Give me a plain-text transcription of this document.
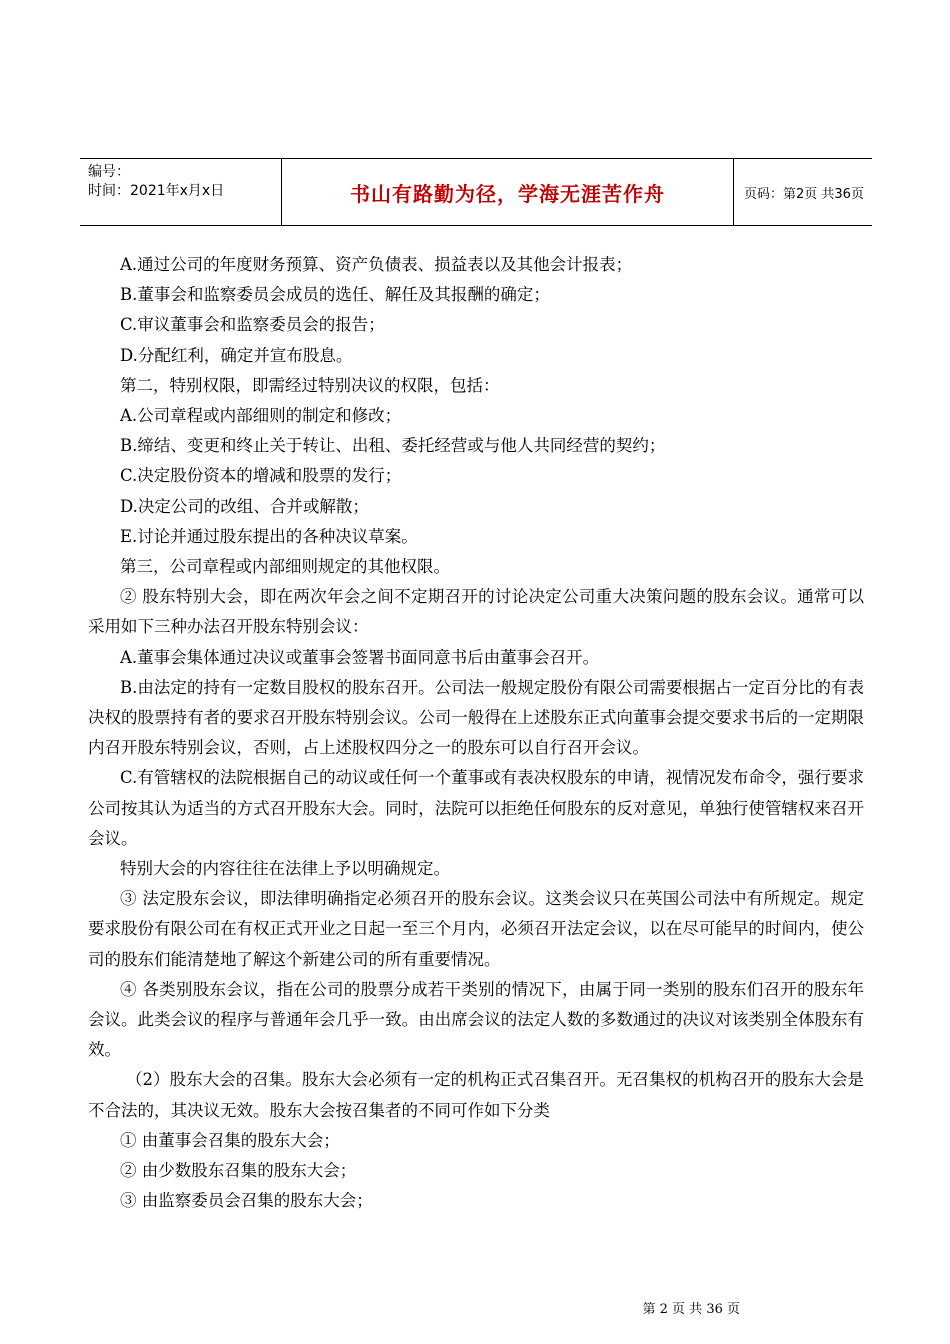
编号：
时间：2021年x月x日	书山有路勤为径，学海无涯苦作舟	页码：第2页 共36页

A.通过公司的年度财务预算、资产负债表、损益表以及其他会计报表；

B.董事会和监察委员会成员的选任、解任及其报酬的确定；

C.审议董事会和监察委员会的报告；

D.分配红利，确定并宣布股息。

第二，特别权限，即需经过特别决议的权限，包括：

A.公司章程或内部细则的制定和修改；

B.缔结、变更和终止关于转让、出租、委托经营或与他人共同经营的契约；

C.决定股份资本的增减和股票的发行；

D.决定公司的改组、合并或解散；

E.讨论并通过股东提出的各种决议草案。

第三，公司章程或内部细则规定的其他权限。

② 股东特别大会，即在两次年会之间不定期召开的讨论决定公司重大决策问题的股东会议。通常可以采用如下三种办法召开股东特别会议：

A.董事会集体通过决议或董事会签署书面同意书后由董事会召开。

B.由法定的持有一定数目股权的股东召开。公司法一般规定股份有限公司需要根据占一定百分比的有表决权的股票持有者的要求召开股东特别会议。公司一般得在上述股东正式向董事会提交要求书后的一定期限内召开股东特别会议，否则，占上述股权四分之一的股东可以自行召开会议。

C.有管辖权的法院根据自己的动议或任何一个董事或有表决权股东的申请，视情况发布命令，强行要求公司按其认为适当的方式召开股东大会。同时，法院可以拒绝任何股东的反对意见，单独行使管辖权来召开会议。

特别大会的内容往往在法律上予以明确规定。

③ 法定股东会议，即法律明确指定必须召开的股东会议。这类会议只在英国公司法中有所规定。规定要求股份有限公司在有权正式开业之日起一至三个月内，必须召开法定会议，以在尽可能早的时间内，使公司的股东们能清楚地了解这个新建公司的所有重要情况。

④ 各类别股东会议，指在公司的股票分成若干类别的情况下，由属于同一类别的股东们召开的股东年会议。此类会议的程序与普通年会几乎一致。由出席会议的法定人数的多数通过的决议对该类别全体股东有效。

（2）股东大会的召集。股东大会必须有一定的机构正式召集召开。无召集权的机构召开的股东大会是不合法的，其决议无效。股东大会按召集者的不同可作如下分类

① 由董事会召集的股东大会；

② 由少数股东召集的股东大会；

③ 由监察委员会召集的股东大会；

第 2 页 共 36 页
